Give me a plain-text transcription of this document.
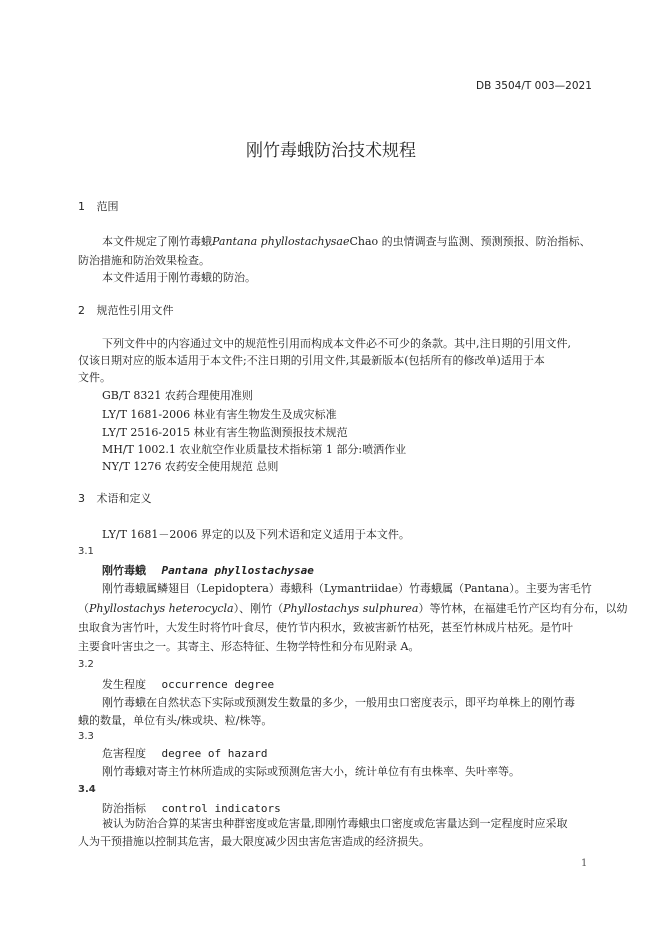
DB 3504/T 003—2021
刚竹毒蛾防治技术规程
1 范围
本文件规定了刚竹毒蛾Pantana phyllostachysaeChao 的虫情调查与监测、预测预报、防治指标、
防治措施和防治效果检查。
本文件适用于刚竹毒蛾的防治。
2 规范性引用文件
下列文件中的内容通过文中的规范性引用而构成本文件必不可少的条款。其中,注日期的引用文件,
仅该日期对应的版本适用于本文件;不注日期的引用文件,其最新版本(包括所有的修改单)适用于本
文件。
GB/T 8321 农药合理使用准则
LY/T 1681-2006 林业有害生物发生及成灾标准
LY/T 2516-2015 林业有害生物监测预报技术规范
MH/T 1002.1 农业航空作业质量技术指标第 1 部分:喷洒作业
NY/T 1276 农药安全使用规范 总则
3 术语和定义
LY/T 1681－2006 界定的以及下列术语和定义适用于本文件。
3.1
刚竹毒蛾 Pantana phyllostachysae
刚竹毒蛾属鳞翅目（Lepidoptera）毒蛾科（Lymantriidae）竹毒蛾属（Pantana）。主要为害毛竹
（Phyllostachys heterocycla）、刚竹（Phyllostachys sulphurea）等竹林，在福建毛竹产区均有分布，以幼
虫取食为害竹叶，大发生时将竹叶食尽，使竹节内积水，致被害新竹枯死，甚至竹林成片枯死。是竹叶
主要食叶害虫之一。其寄主、形态特征、生物学特性和分布见附录 A。
3.2
发生程度 occurrence degree
刚竹毒蛾在自然状态下实际或预测发生数量的多少，一般用虫口密度表示，即平均单株上的刚竹毒
蛾的数量，单位有头/株或块、粒/株等。
3.3
危害程度 degree of hazard
刚竹毒蛾对寄主竹林所造成的实际或预测危害大小，统计单位有有虫株率、失叶率等。
3.4
防治指标 control indicators
被认为防治合算的某害虫种群密度或危害量,即刚竹毒蛾虫口密度或危害量达到一定程度时应采取
人为干预措施以控制其危害，最大限度减少因虫害危害造成的经济损失。
1
